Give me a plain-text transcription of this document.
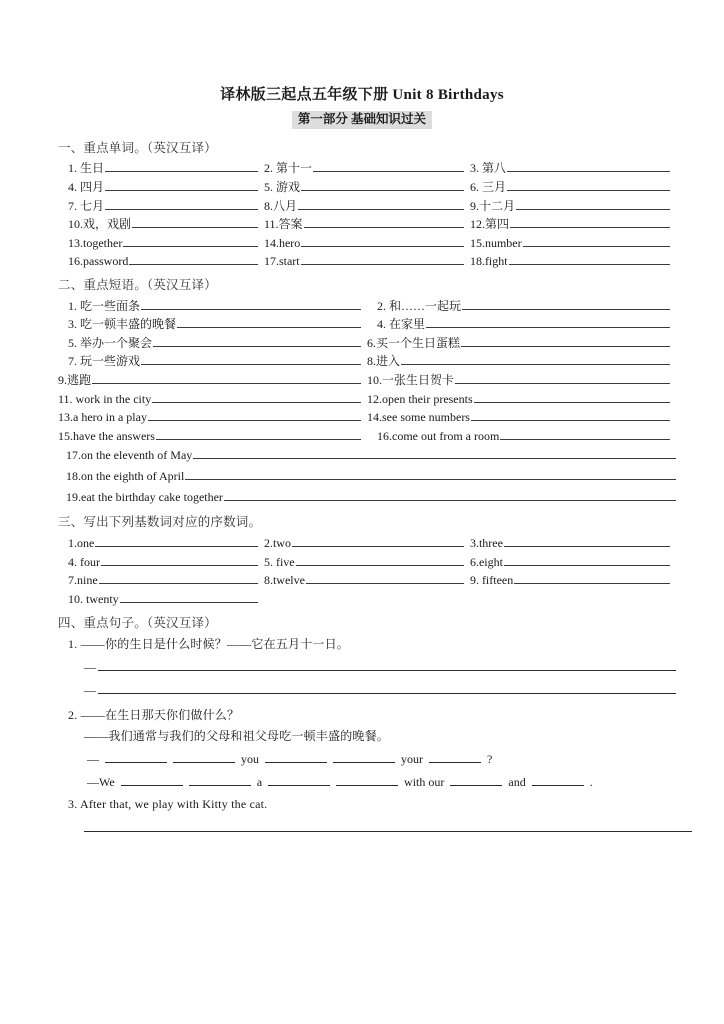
译林版三起点五年级下册 Unit 8 Birthdays
第一部分 基础知识过关
一、重点单词。（英汉互译）
1. 生日	2. 第十一	3. 第八
4. 四月	5. 游戏	6. 三月
7. 七月	8.八月	9.十二月
10.戏，戏剧	11.答案	12.第四
13.together	14.hero	15.number
16.password	17.start	18.fight
二、重点短语。（英汉互译）
1. 吃一些面条	2. 和……一起玩
3. 吃一顿丰盛的晚餐	4. 在家里
5. 举办一个聚会	6.买一个生日蛋糕
7. 玩一些游戏	8.进入
9.逃跑	10.一张生日贺卡
11. work in the city	12.open their presents
13.a hero in a play	14.see some numbers
15.have the answers	16.come out from a room
17.on the eleventh of May
18.on the eighth of April
19.eat the birthday cake together
三、写出下列基数词对应的序数词。
1.one	2.two	3.three
4. four	5. five	6.eight
7.nine	8.twelve	9. fifteen
10. twenty
四、重点句子。（英汉互译）
1. ——你的生日是什么时候？——它在五月十一日。
—
—
2. ——在生日那天你们做什么？
——我们通常与我们的父母和祖父母吃一顿丰盛的晚餐。
—	you	your	?
—We	a	with our	and	.
3. After that, we play with Kitty the cat.
